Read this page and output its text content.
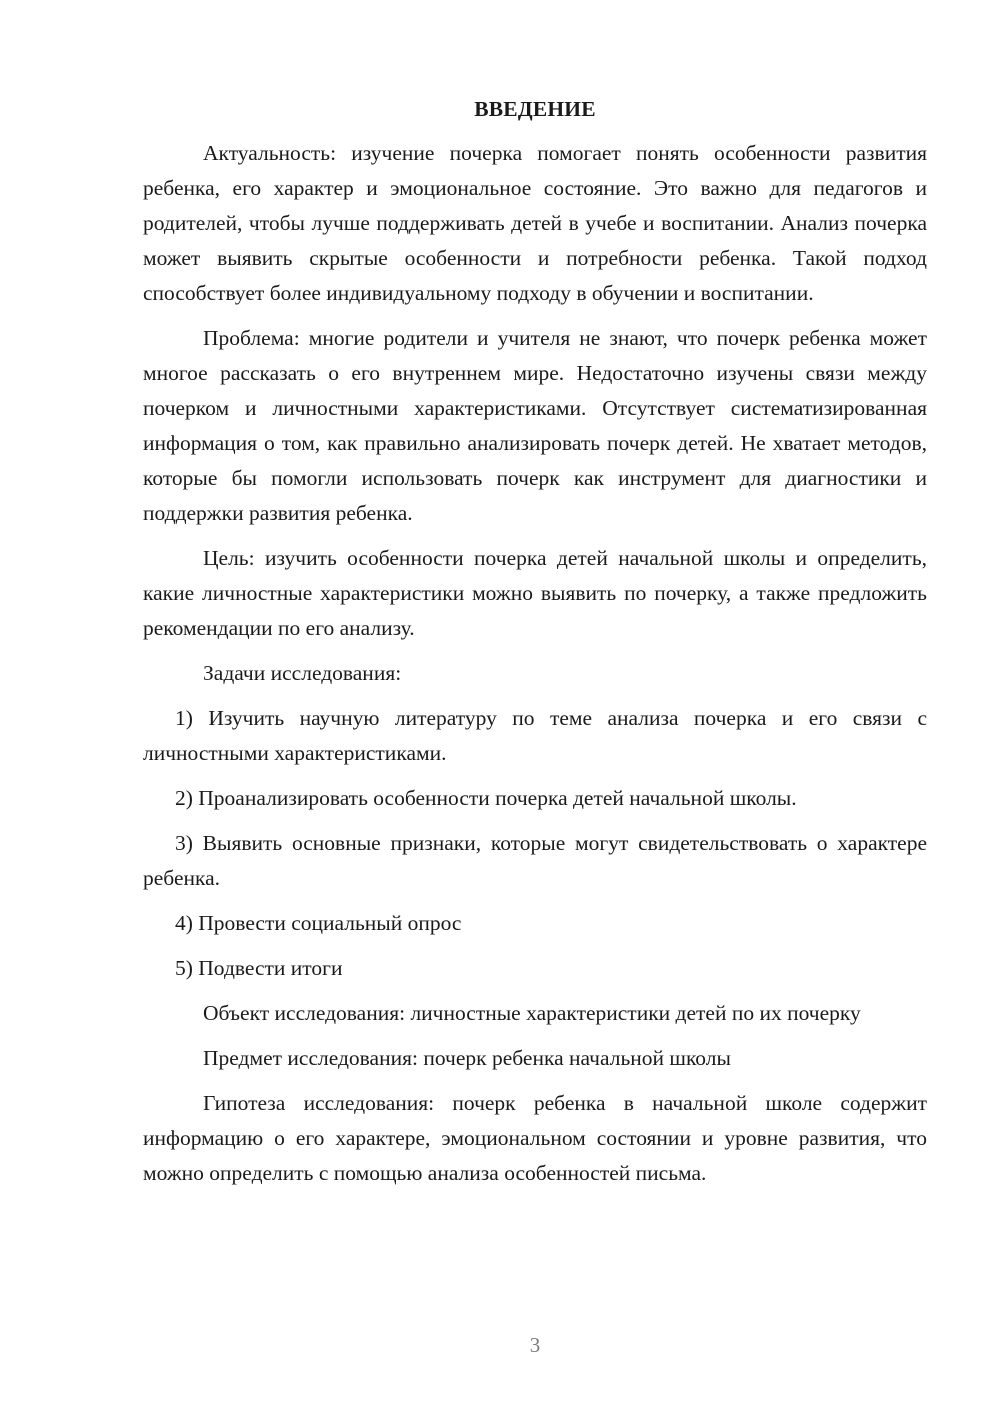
ВВЕДЕНИЕ

Актуальность: изучение почерка помогает понять особенности развития ребенка, его характер и эмоциональное состояние. Это важно для педагогов и родителей, чтобы лучше поддерживать детей в учебе и воспитании. Анализ почерка может выявить скрытые особенности и потребности ребенка. Такой подход способствует более индивидуальному подходу в обучении и воспитании.

Проблема: многие родители и учителя не знают, что почерк ребенка может многое рассказать о его внутреннем мире. Недостаточно изучены связи между почерком и личностными характеристиками. Отсутствует систематизированная информация о том, как правильно анализировать почерк детей. Не хватает методов, которые бы помогли использовать почерк как инструмент для диагностики и поддержки развития ребенка.

Цель: изучить особенности почерка детей начальной школы и определить, какие личностные характеристики можно выявить по почерку, а также предложить рекомендации по его анализу.

Задачи исследования:

1) Изучить научную литературу по теме анализа почерка и его связи с личностными характеристиками.

2) Проанализировать особенности почерка детей начальной школы.

3) Выявить основные признаки, которые могут свидетельствовать о характере ребенка.

4) Провести социальный опрос

5) Подвести итоги

Объект исследования: личностные характеристики детей по их почерку

Предмет исследования: почерк ребенка начальной школы

Гипотеза исследования: почерк ребенка в начальной школе содержит информацию о его характере, эмоциональном состоянии и уровне развития, что можно определить с помощью анализа особенностей письма.

3
